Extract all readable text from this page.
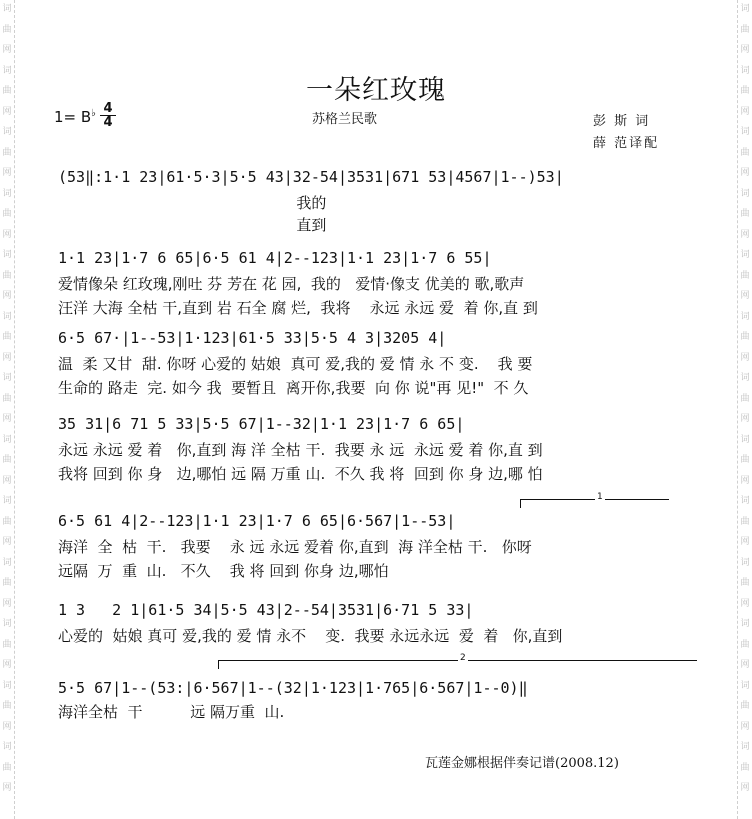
词
曲
网
词
曲
网
词
曲
网
词
曲
网
词
曲
网
词
曲
网
词
曲
网
词
曲
网
词
曲
网
词
曲
网
词
曲
网
词
曲
网
词
曲
网
词
曲
网
词
曲
网
词
曲
网
词
曲
网
词
曲
网
词
曲
网
词
曲
网
词
曲
网
词
曲
网
词
曲
网
词
曲
网
词
曲
网
词
曲
网
一朵红玫瑰
$1= B^♭ \frac{4}{4}$	苏格兰民歌	彭 斯 词
薛 范译配
(53‖:1·1 23|61·5·3|5·5 43|32-54|3531|671 53|4567|1--)53|
我的
直到
1·1 23|1·7 6 65|6·5 61 4|2--123|1·1 23|1·7 6 55|
爱情像朵 红玫瑰,刚吐 芬 芳在 花 园,  我的   爱情·像支 优美的 歌,歌声
汪洋 大海 全枯 干,直到 岩 石全 腐 烂,  我将    永远 永远 爱  着 你,直 到
6·5 67·|1--53|1·123|61·5 33|5·5 4 3|3205 4|
温  柔 又甘  甜. 你呀 心爱的 姑娘  真可 爱,我的 爱 情 永 不 变.    我 要
生命的 路走  完. 如今 我  要暂且  离开你,我要  向 你 说"再 见!"  不 久
35 31|6 71 5 33|5·5 67|1--32|1·1 23|1·7 6 65|
永远 永远 爱 着   你,直到 海 洋 全枯 干.  我要 永 远  永远 爱 着 你,直 到
我将 回到 你 身   边,哪怕 远 隔 万重 山.  不久 我 将  回到 你 身 边,哪 怕
1
6·5 61 4|2--123|1·1 23|1·7 6 65|6·567|1--53|
海洋  全  枯  干.   我要    永 远 永远 爱着 你,直到  海 洋全枯 干.   你呀
远隔  万  重  山.   不久    我 将 回到 你身 边,哪怕
1 3   2 1|61·5 34|5·5 43|2--54|3531|6·71 5 33|
心爱的  姑娘 真可 爱,我的 爱 情 永不    变.  我要 永远永远  爱  着   你,直到
2
5·5 67|1--(53:|6·567|1--(32|1·123|1·765|6·567|1--0)‖
海洋全枯  干          远 隔万重  山.
瓦莲金娜根据伴奏记谱(2008.12)
